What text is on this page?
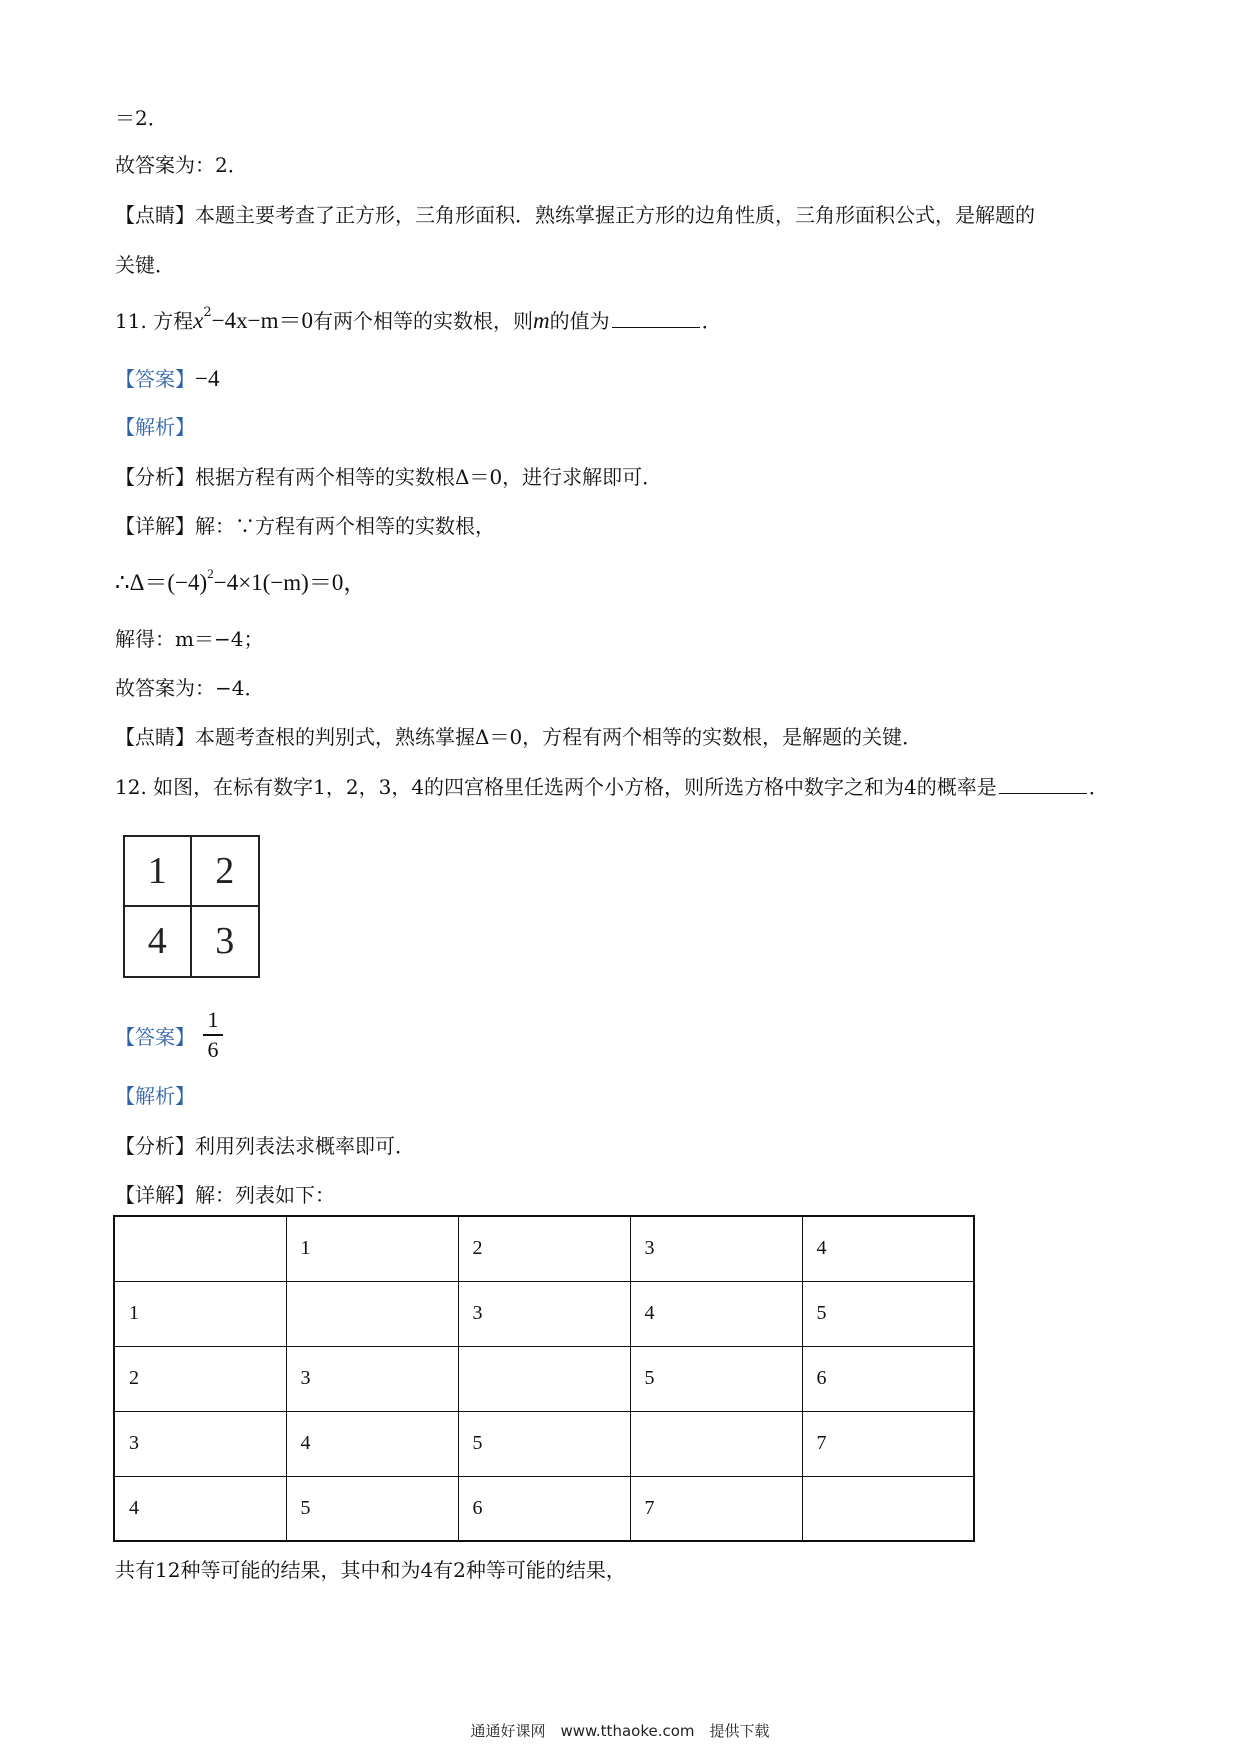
＝2．
故答案为：2．
【点睛】本题主要考查了正方形，三角形面积．熟练掌握正方形的边角性质，三角形面积公式，是解题的
关键．
11. 方程$x^2-4x-m=0$有两个相等的实数根，则m的值为	．
【答案】−4
【解析】
【分析】根据方程有两个相等的实数根Δ＝0，进行求解即可．
【详解】解：∵方程有两个相等的实数根，
$\therefore\Delta=(-4)^2-4\times 1(-m)=0$，
解得：m＝−4；
故答案为：−4．
【点睛】本题考查根的判别式，熟练掌握Δ＝0，方程有两个相等的实数根，是解题的关键．
12. 如图，在标有数字1，2，3，4的四宫格里任选两个小方格，则所选方格中数字之和为4的概率是	．
1	2
4	3
【答案】
1
6
【解析】
【分析】利用列表法求概率即可．
【详解】解：列表如下：
	1	2	3	4
1		3	4	5
2	3		5	6
3	4	5		7
4	5	6	7	
共有12种等可能的结果，其中和为4有2种等可能的结果，
通通好课网　www.tthaoke.com　提供下载
